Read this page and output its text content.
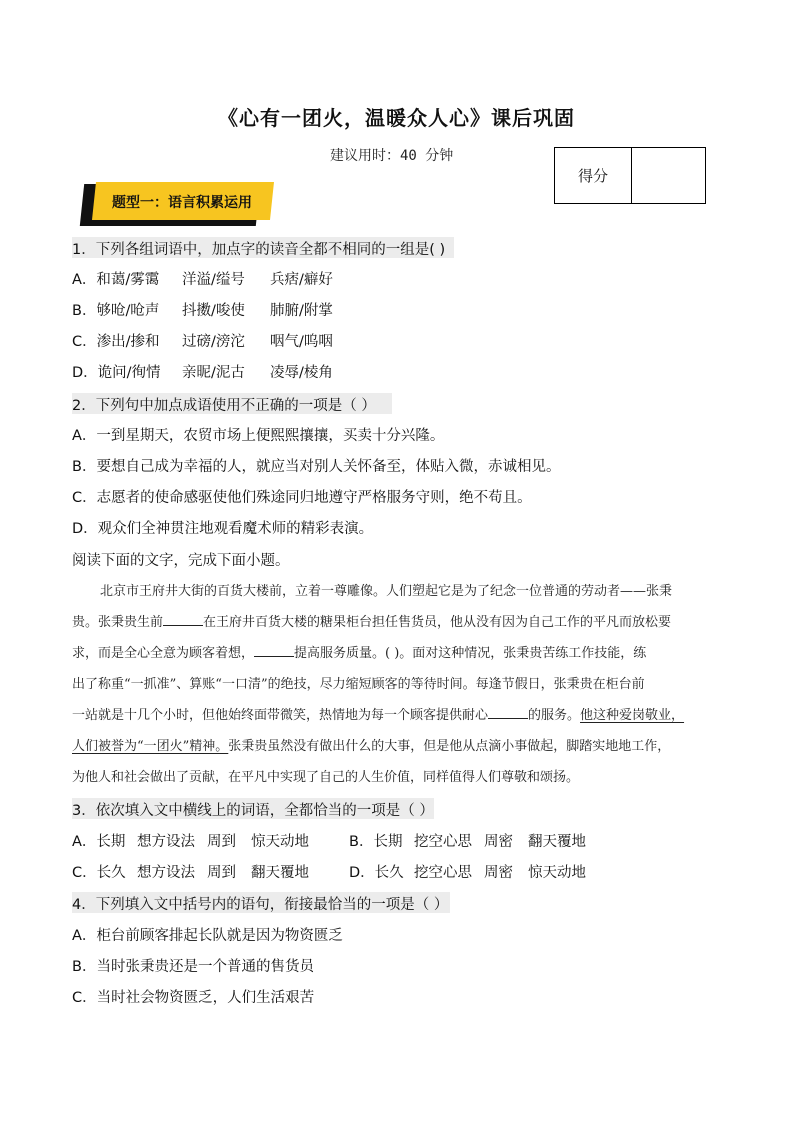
《心有一团火，温暖众人心》课后巩固
建议用时：40 分钟
得分
题型一：语言积累运用
1．下列各组词语中，加点字的读音全都不相同的一组是( )
A．和蔼/雾霭 洋溢/缢号 兵痞/癖好
B．够呛/呛声 抖擞/唆使 肺腑/附掌
C．渗出/掺和 过磅/滂沱 咽气/呜咽
D．诡问/徇情 亲昵/泥古 凌辱/棱角
2．下列句中加点成语使用不正确的一项是（ ）
A．一到星期天，农贸市场上便熙熙攘攘，买卖十分兴隆。
B．要想自己成为幸福的人，就应当对别人关怀备至，体贴入微，赤诚相见。
C．志愿者的使命感驱使他们殊途同归地遵守严格服务守则，绝不苟且。
D．观众们全神贯注地观看魔术师的精彩表演。
阅读下面的文字，完成下面小题。
北京市王府井大街的百货大楼前，立着一尊雕像。人们塑起它是为了纪念一位普通的劳动者——张秉
贵。张秉贵生前	在王府井百货大楼的糖果柜台担任售货员，他从没有因为自己工作的平凡而放松要
求，而是全心全意为顾客着想，	提高服务质量。( )。面对这种情况，张秉贵苦练工作技能，练
出了称重“一抓准”、算账“一口清”的绝技，尽力缩短顾客的等待时间。每逢节假日，张秉贵在柜台前
一站就是十几个小时，但他始终面带微笑，热情地为每一个顾客提供耐心	的服务。他这种爱岗敬业，
人们被誉为“一团火”精神。张秉贵虽然没有做出什么的大事，但是他从点滴小事做起，脚踏实地地工作，
为他人和社会做出了贡献，在平凡中实现了自己的人生价值，同样值得人们尊敬和颂扬。
3．依次填入文中横线上的词语，全都恰当的一项是（ ）
A．长期 想方设法 周到 惊天动地	B．长期 挖空心思 周密 翻天覆地
C．长久 想方设法 周到 翻天覆地	D．长久 挖空心思 周密 惊天动地
4．下列填入文中括号内的语句，衔接最恰当的一项是（ ）
A．柜台前顾客排起长队就是因为物资匮乏
B．当时张秉贵还是一个普通的售货员
C．当时社会物资匮乏，人们生活艰苦
